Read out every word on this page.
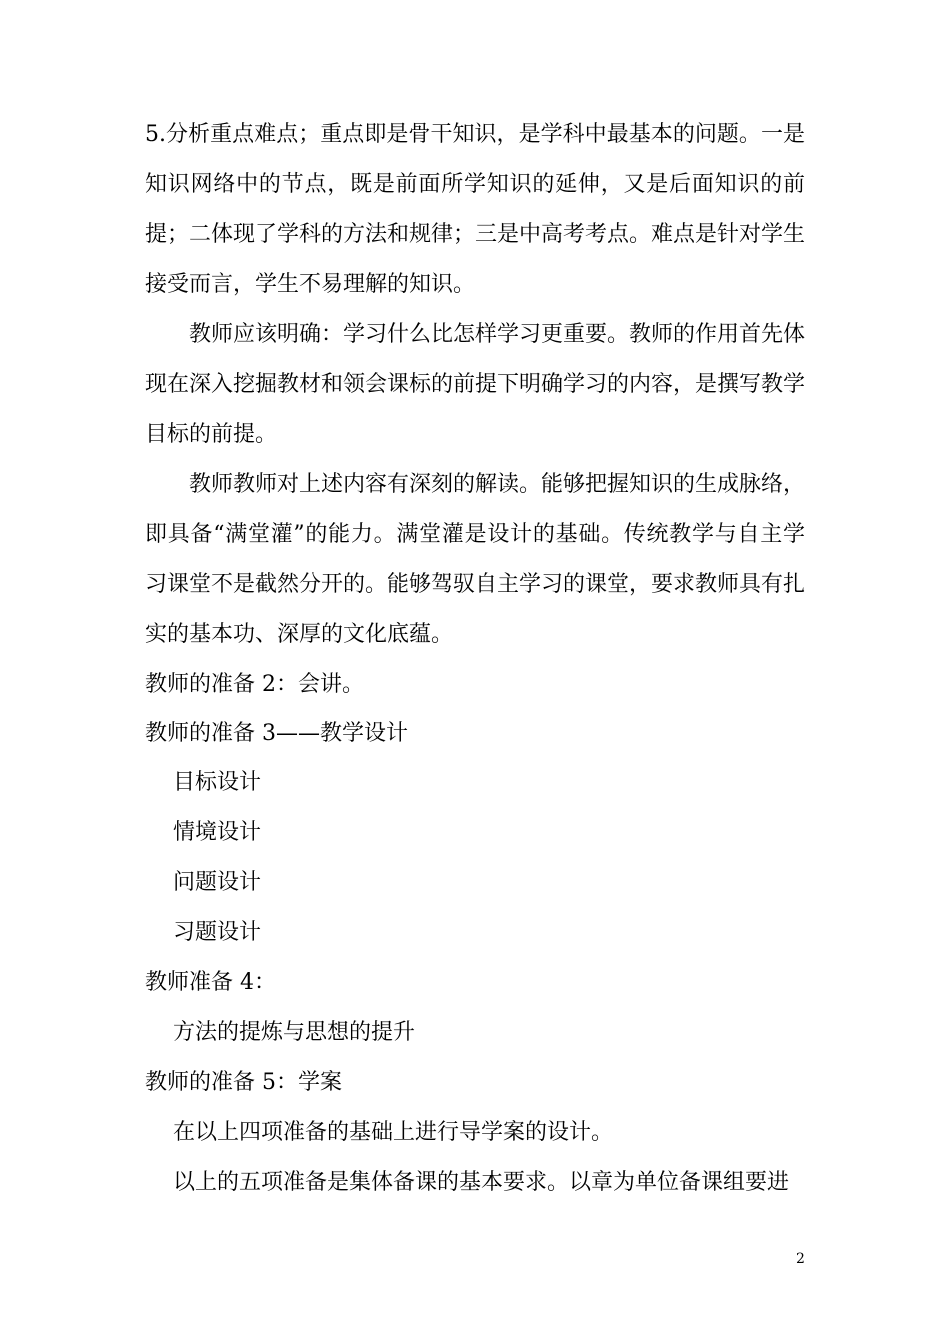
5.分析重点难点；重点即是骨干知识，是学科中最基本的问题。一是知识网络中的节点，既是前面所学知识的延伸，又是后面知识的前提；二体现了学科的方法和规律；三是中高考考点。难点是针对学生接受而言，学生不易理解的知识。

教师应该明确：学习什么比怎样学习更重要。教师的作用首先体现在深入挖掘教材和领会课标的前提下明确学习的内容，是撰写教学目标的前提。

教师教师对上述内容有深刻的解读。能够把握知识的生成脉络，即具备“满堂灌”的能力。满堂灌是设计的基础。传统教学与自主学习课堂不是截然分开的。能够驾驭自主学习的课堂，要求教师具有扎实的基本功、深厚的文化底蕴。

教师的准备 2：会讲。
教师的准备 3——教学设计
目标设计
情境设计
问题设计
习题设计
教师准备 4：
方法的提炼与思想的提升
教师的准备 5：学案
在以上四项准备的基础上进行导学案的设计。
以上的五项准备是集体备课的基本要求。以章为单位备课组要进
2
